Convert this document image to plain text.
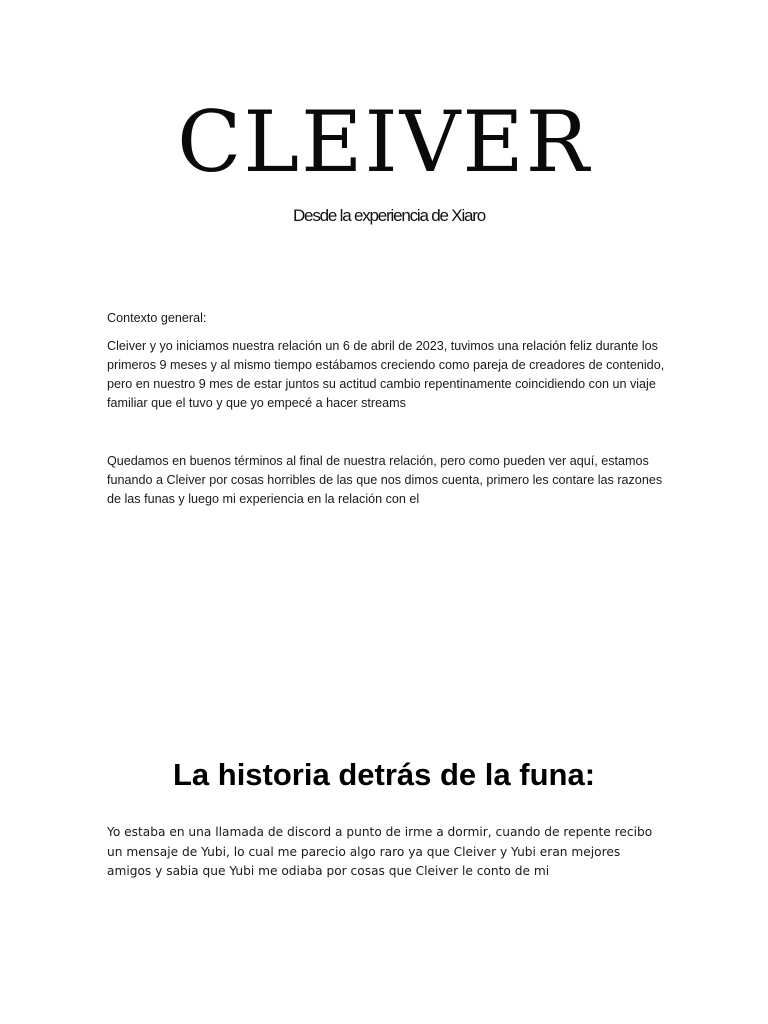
CLEIVER

Desde la experiencia de Xiaro

Contexto general:

Cleiver y yo iniciamos nuestra relación un 6 de abril de 2023, tuvimos una relación feliz durante los primeros 9 meses y al mismo tiempo estábamos creciendo como pareja de creadores de contenido, pero en nuestro 9 mes de estar juntos su actitud cambio repentinamente coincidiendo con un viaje familiar que el tuvo y que yo empecé a hacer streams

Quedamos en buenos términos al final de nuestra relación, pero como pueden ver aquí, estamos funando a Cleiver por cosas horribles de las que nos dimos cuenta, primero les contare las razones de las funas y luego mi experiencia en la relación con el

La historia detrás de la funa:

Yo estaba en una llamada de discord a punto de irme a dormir, cuando de repente recibo un mensaje de Yubi, lo cual me parecio algo raro ya que Cleiver y Yubi eran mejores amigos y sabia que Yubi me odiaba por cosas que Cleiver le conto de mi
